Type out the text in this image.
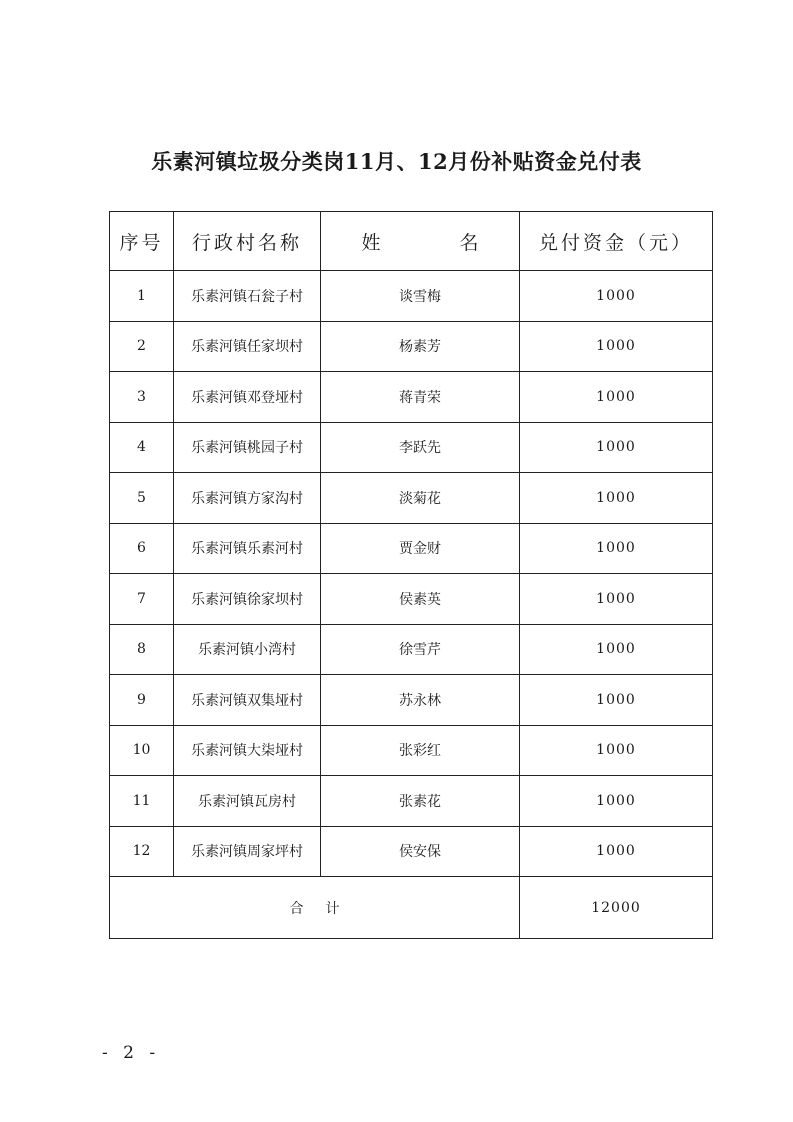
乐素河镇垃圾分类岗11月、12月份补贴资金兑付表
序号	行政村名称	姓　名	兑付资金（元）
1	乐素河镇石瓮子村	谈雪梅	1000
2	乐素河镇任家坝村	杨素芳	1000
3	乐素河镇邓登垭村	蒋青荣	1000
4	乐素河镇桃园子村	李跃先	1000
5	乐素河镇方家沟村	淡菊花	1000
6	乐素河镇乐素河村	贾金财	1000
7	乐素河镇徐家坝村	侯素英	1000
8	乐素河镇小湾村	徐雪芹	1000
9	乐素河镇双集垭村	苏永林	1000
10	乐素河镇大柒垭村	张彩红	1000
11	乐素河镇瓦房村	张素花	1000
12	乐素河镇周家坪村	侯安保	1000
合计			12000
- 2 -
